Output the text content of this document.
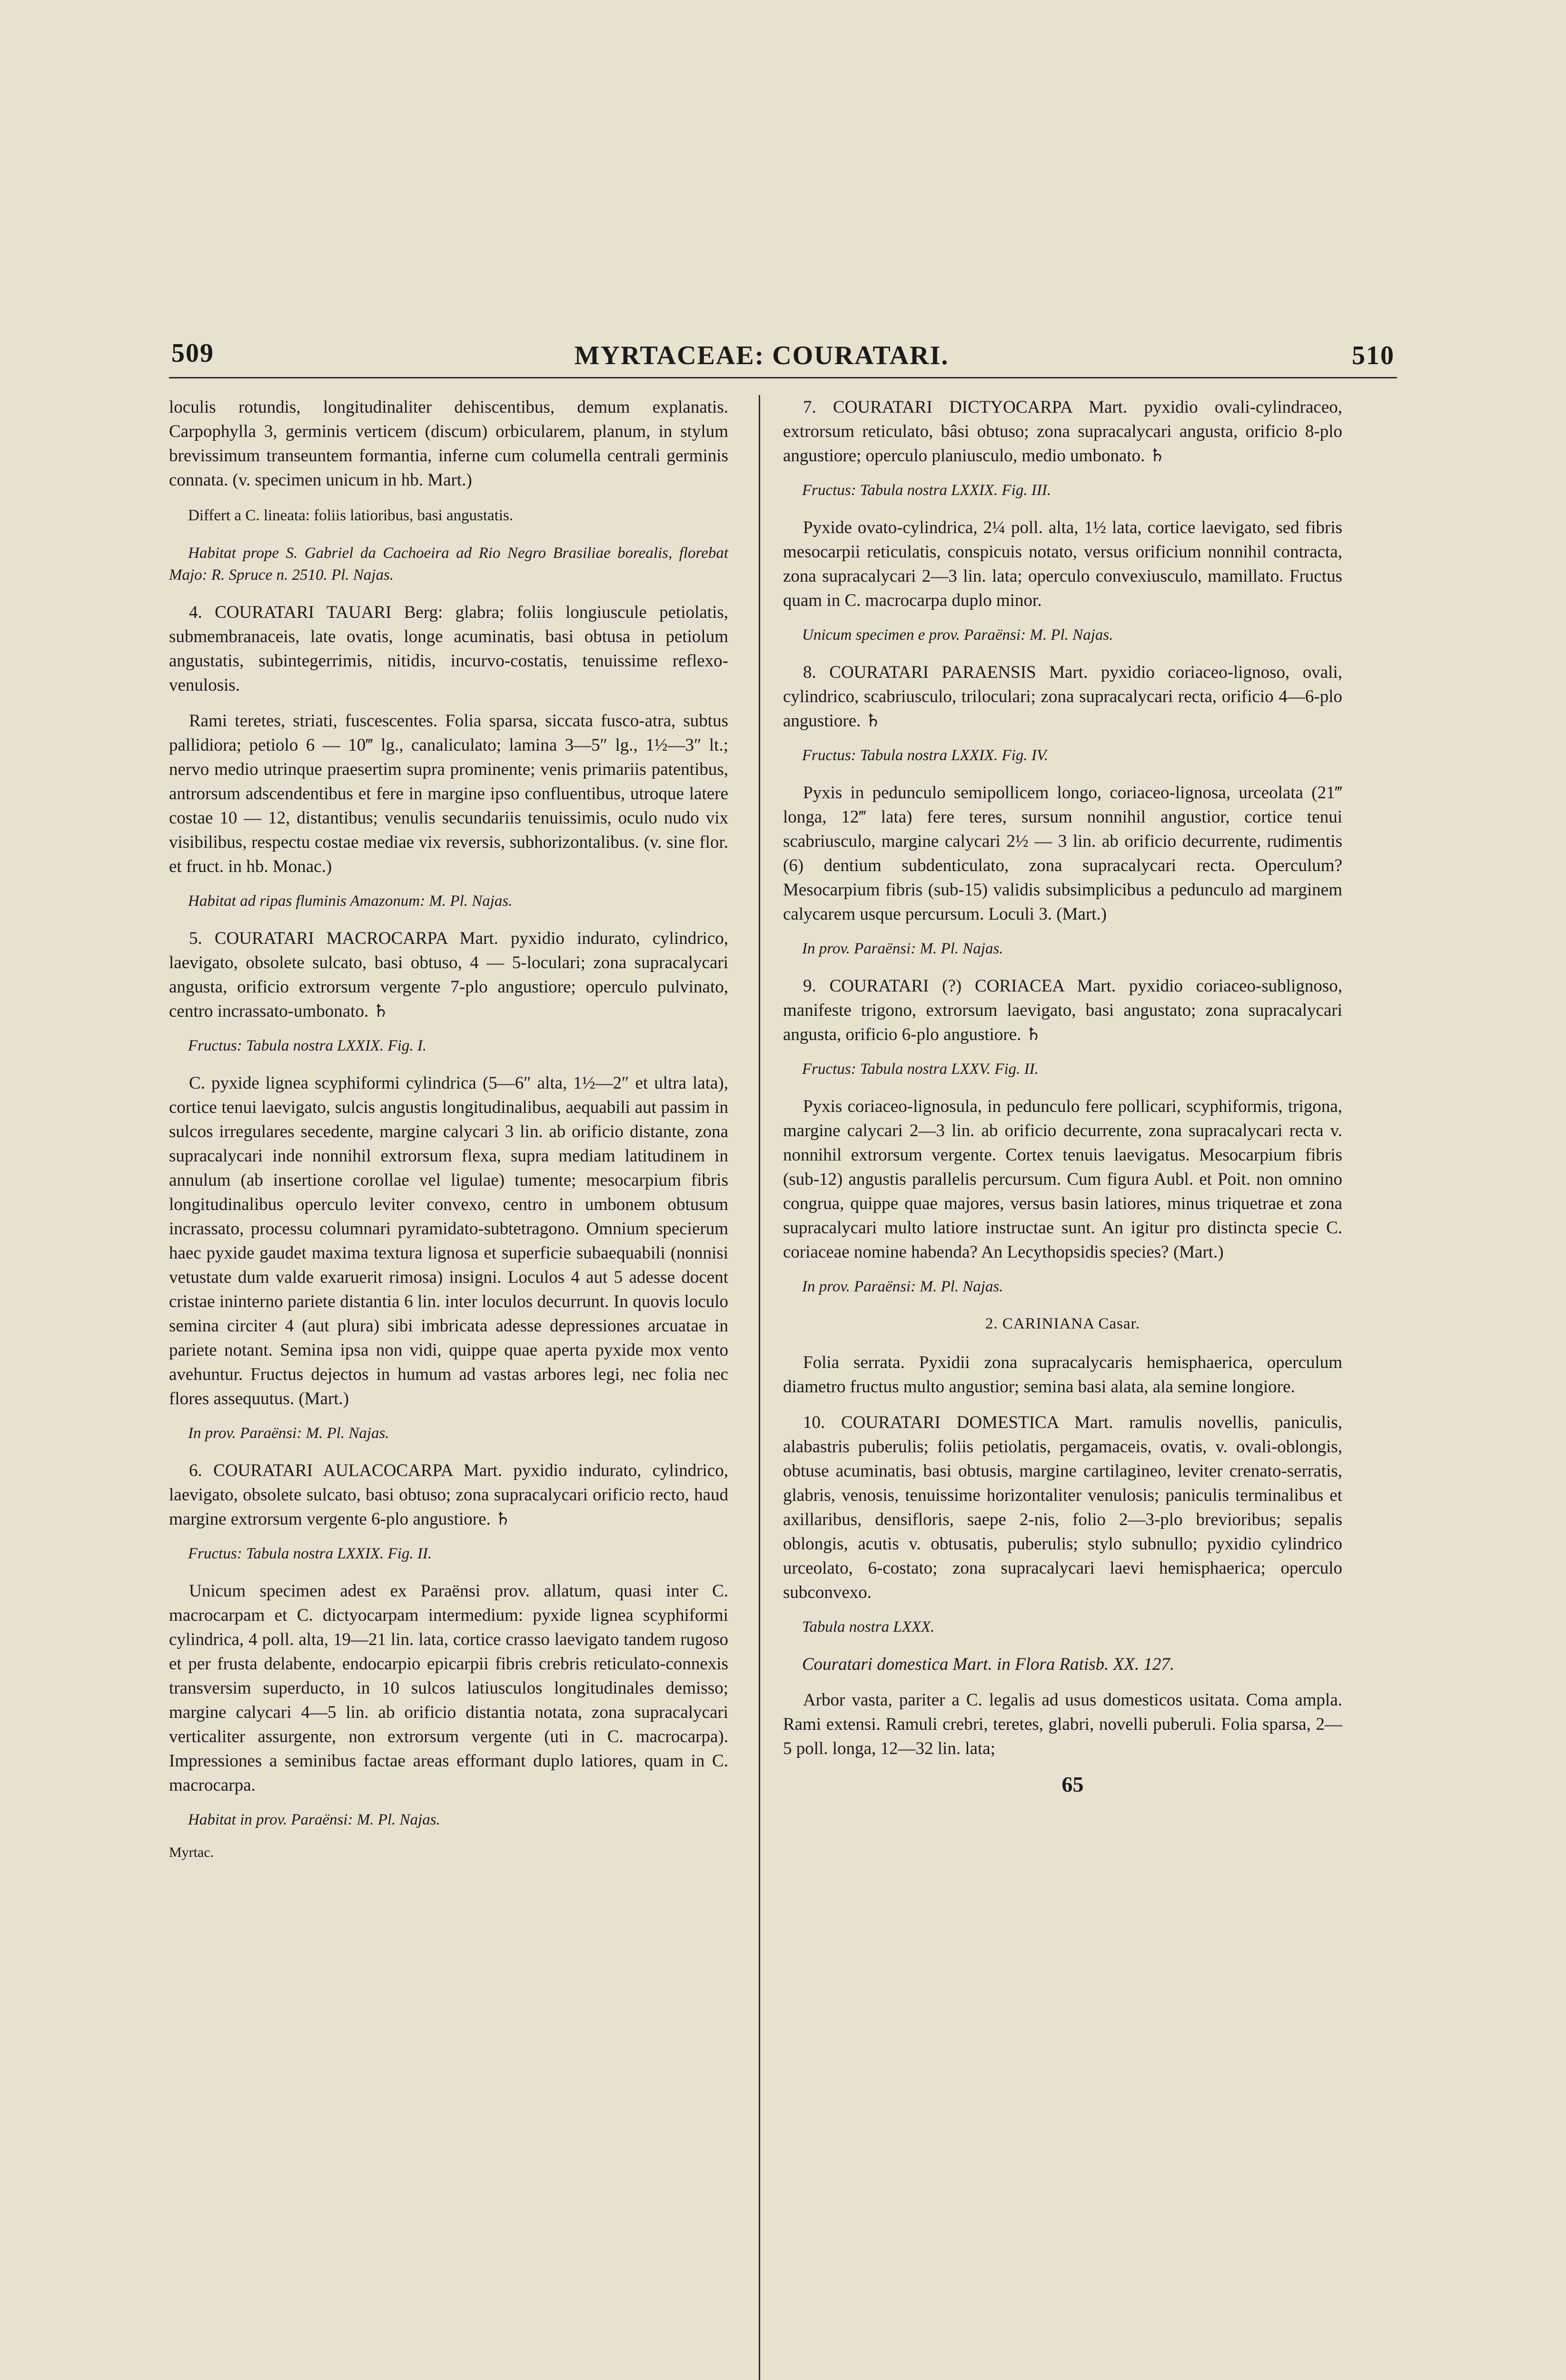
509	MYRTACEAE: COURATARI.	510

loculis rotundis, longitudinaliter dehiscentibus, demum explanatis. Carpophylla 3, germinis verticem (discum) orbicularem, planum, in stylum brevissimum transeuntem formantia, inferne cum columella centrali germinis connata. (v. specimen unicum in hb. Mart.)

Differt a C. lineata: foliis latioribus, basi angustatis.

Habitat prope S. Gabriel da Cachoeira ad Rio Negro Brasiliae borealis, florebat Majo: R. Spruce n. 2510. Pl. Najas.

4. COURATARI TAUARI Berg: glabra; foliis longiuscule petiolatis, submembranaceis, late ovatis, longe acuminatis, basi obtusa in petiolum angustatis, subintegerrimis, nitidis, incurvo-costatis, tenuissime reflexo-venulosis.

Rami teretes, striati, fuscescentes. Folia sparsa, siccata fusco-atra, subtus pallidiora; petiolo 6 — 10‴ lg., canaliculato; lamina 3—5″ lg., 1½—3″ lt.; nervo medio utrinque praesertim supra prominente; venis primariis patentibus, antrorsum adscendentibus et fere in margine ipso confluentibus, utroque latere costae 10 — 12, distantibus; venulis secundariis tenuissimis, oculo nudo vix visibilibus, respectu costae mediae vix reversis, subhorizontalibus. (v. sine flor. et fruct. in hb. Monac.)

Habitat ad ripas fluminis Amazonum: M. Pl. Najas.

5. COURATARI MACROCARPA Mart. pyxidio indurato, cylindrico, laevigato, obsolete sulcato, basi obtuso, 4 — 5-loculari; zona supracalycari angusta, orificio extrorsum vergente 7-plo angustiore; operculo pulvinato, centro incrassato-umbonato. ♄

Fructus: Tabula nostra LXXIX. Fig. I.

C. pyxide lignea scyphiformi cylindrica (5—6″ alta, 1½—2″ et ultra lata), cortice tenui laevigato, sulcis angustis longitudinalibus, aequabili aut passim in sulcos irregulares secedente, margine calycari 3 lin. ab orificio distante, zona supracalycari inde nonnihil extrorsum flexa, supra mediam latitudinem in annulum (ab insertione corollae vel ligulae) tumente; mesocarpium fibris longitudinalibus operculo leviter convexo, centro in umbonem obtusum incrassato, processu columnari pyramidato-subtetragono. Omnium specierum haec pyxide gaudet maxima textura lignosa et superficie subaequabili (nonnisi vetustate dum valde exaruerit rimosa) insigni. Loculos 4 aut 5 adesse docent cristae ininterno pariete distantia 6 lin. inter loculos decurrunt. In quovis loculo semina circiter 4 (aut plura) sibi imbricata adesse depressiones arcuatae in pariete notant. Semina ipsa non vidi, quippe quae aperta pyxide mox vento avehuntur. Fructus dejectos in humum ad vastas arbores legi, nec folia nec flores assequutus. (Mart.)

In prov. Paraënsi: M. Pl. Najas.

6. COURATARI AULACOCARPA Mart. pyxidio indurato, cylindrico, laevigato, obsolete sulcato, basi obtuso; zona supracalycari orificio recto, haud margine extrorsum vergente 6-plo angustiore. ♄

Fructus: Tabula nostra LXXIX. Fig. II.

Unicum specimen adest ex Paraënsi prov. allatum, quasi inter C. macrocarpam et C. dictyocarpam intermedium: pyxide lignea scyphiformi cylindrica, 4 poll. alta, 19—21 lin. lata, cortice crasso laevigato tandem rugoso et per frusta delabente, endocarpio epicarpii fibris crebris reticulato-connexis transversim superducto, in 10 sulcos latiusculos longitudinales demisso; margine calycari 4—5 lin. ab orificio distantia notata, zona supracalycari verticaliter assurgente, non extrorsum vergente (uti in C. macrocarpa). Impressiones a seminibus factae areas efformant duplo latiores, quam in C. macrocarpa.

Habitat in prov. Paraënsi: M. Pl. Najas.

Myrtac.

7. COURATARI DICTYOCARPA Mart. pyxidio ovali-cylindraceo, extrorsum reticulato, bâsi obtuso; zona supracalycari angusta, orificio 8-plo angustiore; operculo planiusculo, medio umbonato. ♄

Fructus: Tabula nostra LXXIX. Fig. III.

Pyxide ovato-cylindrica, 2¼ poll. alta, 1½ lata, cortice laevigato, sed fibris mesocarpii reticulatis, conspicuis notato, versus orificium nonnihil contracta, zona supracalycari 2—3 lin. lata; operculo convexiusculo, mamillato. Fructus quam in C. macrocarpa duplo minor.

Unicum specimen e prov. Paraënsi: M. Pl. Najas.

8. COURATARI PARAENSIS Mart. pyxidio coriaceo-lignoso, ovali, cylindrico, scabriusculo, triloculari; zona supracalycari recta, orificio 4—6-plo angustiore. ♄

Fructus: Tabula nostra LXXIX. Fig. IV.

Pyxis in pedunculo semipollicem longo, coriaceo-lignosa, urceolata (21‴ longa, 12‴ lata) fere teres, sursum nonnihil angustior, cortice tenui scabriusculo, margine calycari 2½ — 3 lin. ab orificio decurrente, rudimentis (6) dentium subdenticulato, zona supracalycari recta. Operculum? Mesocarpium fibris (sub-15) validis subsimplicibus a pedunculo ad marginem calycarem usque percursum. Loculi 3. (Mart.)

In prov. Paraënsi: M. Pl. Najas.

9. COURATARI (?) CORIACEA Mart. pyxidio coriaceo-sublignoso, manifeste trigono, extrorsum laevigato, basi angustato; zona supracalycari angusta, orificio 6-plo angustiore. ♄

Fructus: Tabula nostra LXXV. Fig. II.

Pyxis coriaceo-lignosula, in pedunculo fere pollicari, scyphiformis, trigona, margine calycari 2—3 lin. ab orificio decurrente, zona supracalycari recta v. nonnihil extrorsum vergente. Cortex tenuis laevigatus. Mesocarpium fibris (sub-12) angustis parallelis percursum. Cum figura Aubl. et Poit. non omnino congrua, quippe quae majores, versus basin latiores, minus triquetrae et zona supracalycari multo latiore instructae sunt. An igitur pro distincta specie C. coriaceae nomine habenda? An Lecythopsidis species? (Mart.)

In prov. Paraënsi: M. Pl. Najas.

2. CARINIANA Casar.

Folia serrata. Pyxidii zona supracalycaris hemisphaerica, operculum diametro fructus multo angustior; semina basi alata, ala semine longiore.

10. COURATARI DOMESTICA Mart. ramulis novellis, paniculis, alabastris puberulis; foliis petiolatis, pergamaceis, ovatis, v. ovali-oblongis, obtuse acuminatis, basi obtusis, margine cartilagineo, leviter crenato-serratis, glabris, venosis, tenuissime horizontaliter venulosis; paniculis terminalibus et axillaribus, densifloris, saepe 2-nis, folio 2—3-plo brevioribus; sepalis oblongis, acutis v. obtusatis, puberulis; stylo subnullo; pyxidio cylindrico urceolato, 6-costato; zona supracalycari laevi hemisphaerica; operculo subconvexo.

Tabula nostra LXXX.

Couratari domestica Mart. in Flora Ratisb. XX. 127.

Arbor vasta, pariter a C. legalis ad usus domesticos usitata. Coma ampla. Rami extensi. Ramuli crebri, teretes, glabri, novelli puberuli. Folia sparsa, 2—5 poll. longa, 12—32 lin. lata;

65
